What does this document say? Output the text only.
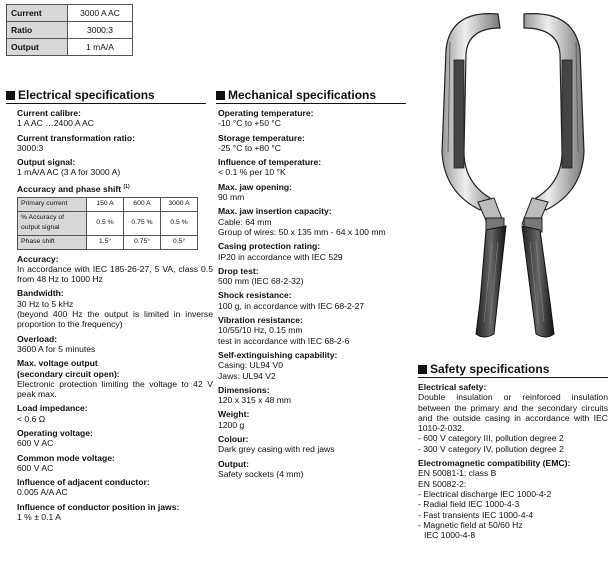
Current	3000 A AC
Ratio	3000:3
Output	1 mA/A
Electrical specifications
Current calibre:
1 A AC …2400 A AC
Current transformation ratio:
3000:3
Output signal:
1 mA/A AC (3 A for 3000 A)
Accuracy and phase shift $^{(1)}$
Primary current	150 A	600 A	3000 A
% Accuracy of output signal	0.5 %	0.75 %	0.5 %
Phase shift	1.5°	0.75°	0.5°
Accuracy:
In accordance with IEC 185-26-27, 5 VA, class 0.5 from 48 Hz to 1000 Hz
Bandwidth:
30 Hz to 5 kHz
(beyond 400 Hz the output is limited in inverse proportion to the frequency)
Overload:
3600 A for 5 minutes
Max. voltage output
(secondary circuit open):
Electronic protection limiting the voltage to 42 V peak max.
Load impedance:
< 0.6 Ω
Operating voltage:
600 V AC
Common mode voltage:
600 V AC
Influence of adjacent conductor:
0.005 A/A AC
Influence of conductor position in jaws:
1 % ± 0.1 A
Mechanical specifications
Operating temperature:
-10 °C to +50 °C
Storage temperature:
-25 °C to +80 °C
Influence of temperature:
< 0.1 % per 10 °K
Max. jaw opening:
90 mm
Max. jaw insertion capacity:
Cable: 64 mm
Group of wires: 50 x 135 mm - 64 x 100 mm
Casing protection rating:
IP20 in accordance with IEC 529
Drop test:
500 mm (IEC 68-2-32)
Shock resistance:
100 g, in accordance with IEC 68-2-27
Vibration resistance:
10/55/10 Hz, 0.15 mm
test in accordance with IEC 68-2-6
Self-extinguishing capability:
Casing: UL94 V0
Jaws: UL94 V2
Dimensions:
120 x 315 x 48 mm
Weight:
1200 g
Colour:
Dark grey casing with red jaws
Output:
Safety sockets (4 mm)
Safety specifications
Electrical safety:
Double insulation or reinforced insulation between the primary and the secondary circuits and the outside casing in accordance with IEC 1010-2-032.
- 600 V category III, pollution degree 2
- 300 V category IV, pollution degree 2
Electromagnetic compatibility (EMC):
EN 50081-1: class B
EN 50082-2:
- Electrical discharge IEC 1000-4-2
- Radial field IEC 1000-4-3
- Fast transients IEC 1000-4-4
- Magnetic field at 50/60 Hz
IEC 1000-4-8
